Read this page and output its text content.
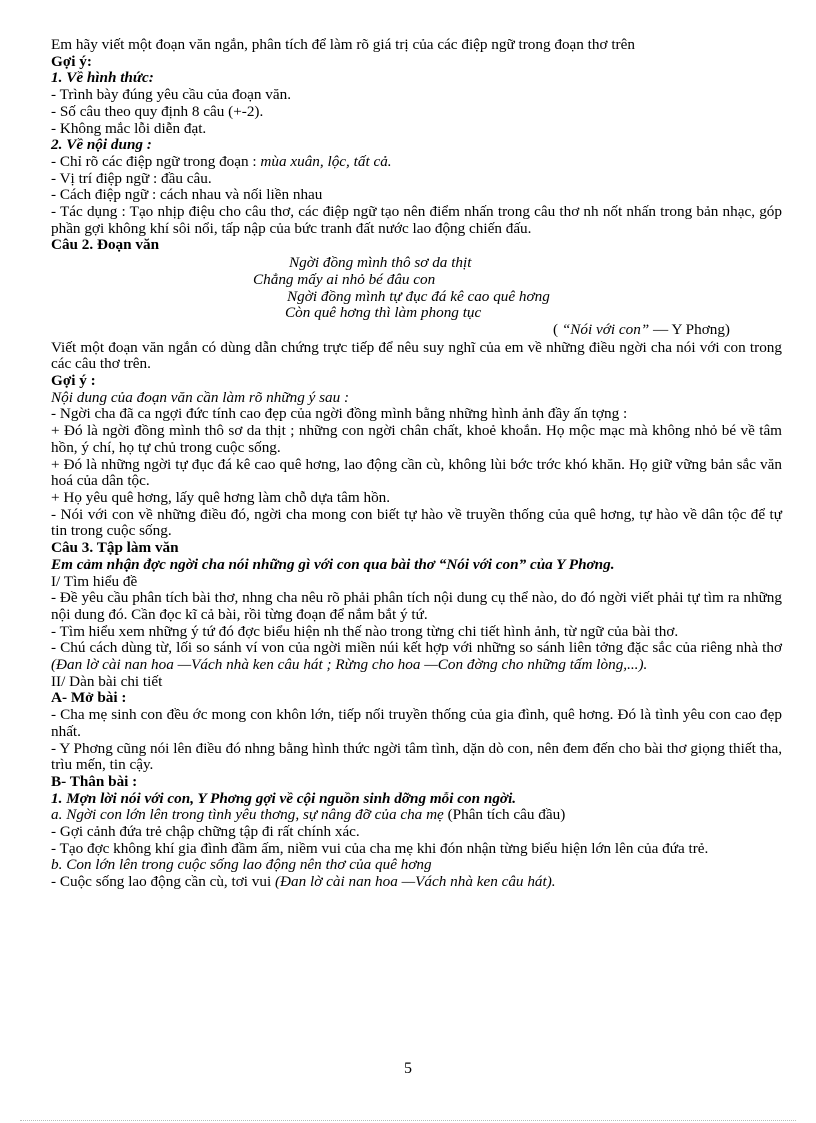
Em hãy viết một đoạn văn ngắn, phân tích để làm rõ giá trị của các điệp ngữ trong đoạn thơ trên

Gợi ý:

1. Về hình thức:

- Trình bày đúng yêu cầu của đoạn văn.

- Số câu theo quy định 8 câu (+-2).

- Không mắc lỗi diễn đạt.

2. Về nội dung :

- Chỉ rõ các điệp ngữ trong đoạn : mùa xuân, lộc, tất cả.

- Vị trí điệp ngữ : đầu câu.

- Cách điệp ngữ : cách nhau và nối liền nhau

- Tác dụng : Tạo nhịp điệu cho câu thơ, các điệp ngữ tạo nên điểm nhấn trong câu thơ nh nốt nhấn trong bản nhạc, góp phần gợi không khí sôi nổi, tấp nập của bức tranh đất nước lao động chiến đấu.

Câu 2. Đoạn văn

Ngời đồng mình thô sơ da thịt
Chẳng mấy ai nhỏ bé đâu con
Ngời đồng mình tự đục đá kê cao quê hơng
Còn quê hơng thì làm phong tục
( “Nói với con” — Y Phơng)

Viết một đoạn văn ngắn có dùng dẫn chứng trực tiếp để nêu suy nghĩ của em về những điều ngời cha nói với con trong các câu thơ trên.

Gợi ý :

Nội dung của đoạn văn cần làm rõ những ý sau :

- Ngời cha đã ca ngợi đức tính cao đẹp của ngời đồng mình bằng những hình ảnh đầy ấn tợng :

+ Đó là ngời đồng mình thô sơ da thịt ; những con ngời chân chất, khoẻ khoắn. Họ mộc mạc mà không nhỏ bé về tâm hồn, ý chí, họ tự chủ trong cuộc sống.

+ Đó là những ngời tự đục đá kê cao quê hơng, lao động cần cù, không lùi bớc trớc khó khăn. Họ giữ vững bản sắc văn hoá của dân tộc.

+ Họ yêu quê hơng, lấy quê hơng làm chỗ dựa tâm hồn.

- Nói với con về những điều đó, ngời cha mong con biết tự hào về truyền thống của quê hơng, tự hào về dân tộc để tự tin trong cuộc sống.

Câu 3. Tập làm văn

Em cảm nhận đợc ngời cha nói những gì với con qua bài thơ “Nói với con” của Y Phơng.

I/ Tìm hiểu đề

- Đề yêu cầu phân tích bài thơ, nhng cha nêu rõ phải phân tích nội dung cụ thể nào, do đó ngời viết phải tự tìm ra những nội dung đó. Cần đọc kĩ cả bài, rồi từng đoạn để nắm bắt ý tứ.

- Tìm hiểu xem những ý tứ đó đợc biểu hiện nh thế nào trong từng chi tiết hình ảnh, từ ngữ của bài thơ.

- Chú cách dùng từ, lối so sánh ví von của ngời miền núi kết hợp với những so sánh liên tởng đặc sắc của riêng nhà thơ (Đan lờ cài nan hoa —Vách nhà ken câu hát ; Rừng cho hoa —Con đờng cho những tấm lòng,...).

II/ Dàn bài chi tiết

A- Mở bài :

- Cha mẹ sinh con đều ớc mong con khôn lớn, tiếp nối truyền thống của gia đình, quê hơng. Đó là tình yêu con cao đẹp nhất.

- Y Phơng cũng nói lên điều đó nhng bằng hình thức ngời tâm tình, dặn dò con, nên đem đến cho bài thơ giọng thiết tha, trìu mến, tin cậy.

B- Thân bài :

1. Mợn lời nói với con, Y Phơng gợi về cội nguồn sinh dỡng mỗi con ngời.

a. Ngời con lớn lên trong tình yêu thơng, sự nâng đỡ của cha mẹ (Phân tích câu đầu)

- Gợi cảnh đứa trẻ chập chững tập đi rất chính xác.

- Tạo đợc không khí gia đình đầm ấm, niềm vui của cha mẹ khi đón nhận từng biểu hiện lớn lên của đứa trẻ.

b. Con lớn lên trong cuộc sống lao động nên thơ của quê hơng

- Cuộc sống lao động cần cù, tơi vui (Đan lờ cài nan hoa —Vách nhà ken câu hát).

5
